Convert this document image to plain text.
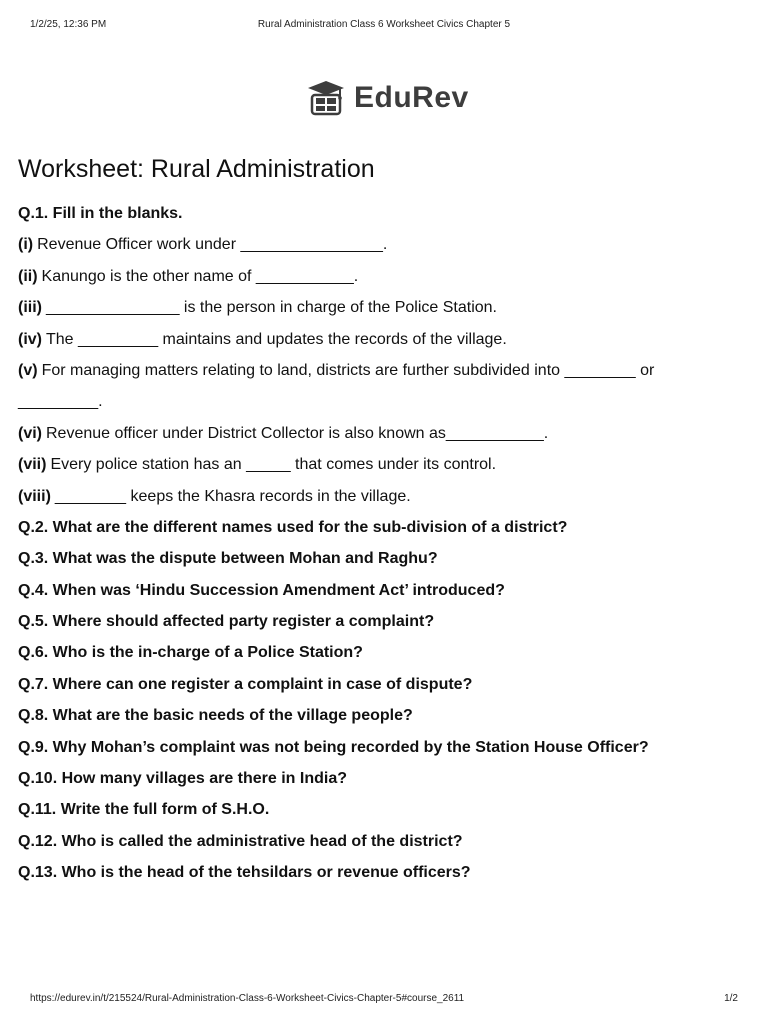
1/2/25, 12:36 PM	Rural Administration Class 6 Worksheet Civics Chapter 5
EduRev
Worksheet: Rural Administration
Q.1. Fill in the blanks.
(i) Revenue Officer work under ________________.
(ii) Kanungo is the other name of ___________.
(iii) _______________ is the person in charge of the Police Station.
(iv) The _________ maintains and updates the records of the village.
(v) For managing matters relating to land, districts are further subdivided into ________ or
_________.
(vi) Revenue officer under District Collector is also known as___________.
(vii) Every police station has an _____ that comes under its control.
(viii) ________ keeps the Khasra records in the village.
Q.2. What are the different names used for the sub-division of a district?
Q.3. What was the dispute between Mohan and Raghu?
Q.4. When was ‘Hindu Succession Amendment Act’ introduced?
Q.5. Where should affected party register a complaint?
Q.6. Who is the in-charge of a Police Station?
Q.7. Where can one register a complaint in case of dispute?
Q.8. What are the basic needs of the village people?
Q.9. Why Mohan’s complaint was not being recorded by the Station House Officer?
Q.10. How many villages are there in India?
Q.11. Write the full form of S.H.O.
Q.12. Who is called the administrative head of the district?
Q.13. Who is the head of the tehsildars or revenue officers?
https://edurev.in/t/215524/Rural-Administration-Class-6-Worksheet-Civics-Chapter-5#course_2611	1/2
